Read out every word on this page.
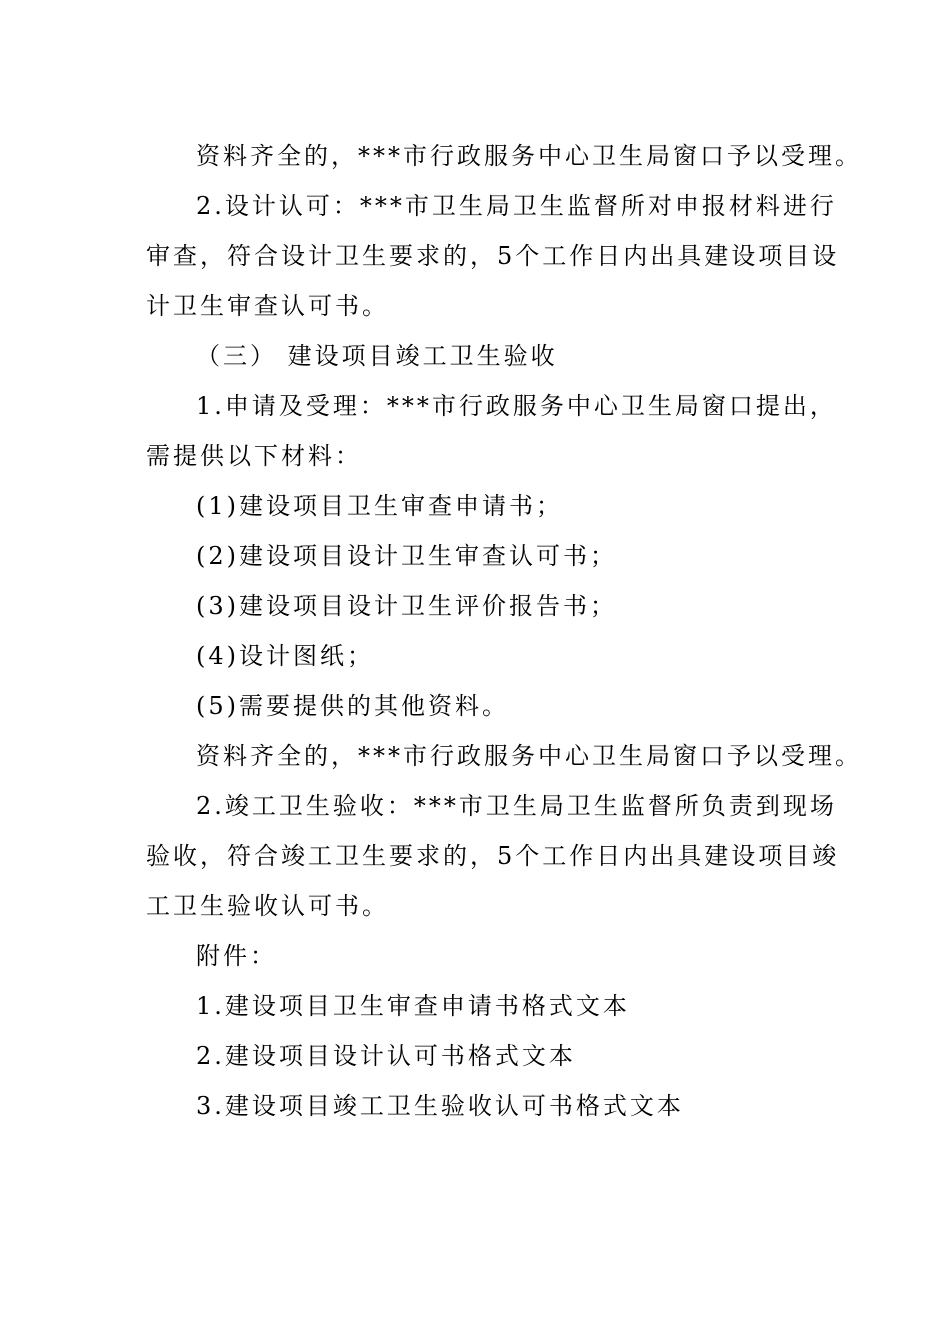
资料齐全的，***市行政服务中心卫生局窗口予以受理。
2.设计认可：***市卫生局卫生监督所对申报材料进行
审查，符合设计卫生要求的，5个工作日内出具建设项目设
计卫生审查认可书。
（三） 建设项目竣工卫生验收
1.申请及受理：***市行政服务中心卫生局窗口提出，
需提供以下材料：
(1)建设项目卫生审查申请书；
(2)建设项目设计卫生审查认可书；
(3)建设项目设计卫生评价报告书；
(4)设计图纸；
(5)需要提供的其他资料。
资料齐全的，***市行政服务中心卫生局窗口予以受理。
2.竣工卫生验收：***市卫生局卫生监督所负责到现场
验收，符合竣工卫生要求的，5个工作日内出具建设项目竣
工卫生验收认可书。
附件：
1.建设项目卫生审查申请书格式文本
2.建设项目设计认可书格式文本
3.建设项目竣工卫生验收认可书格式文本
